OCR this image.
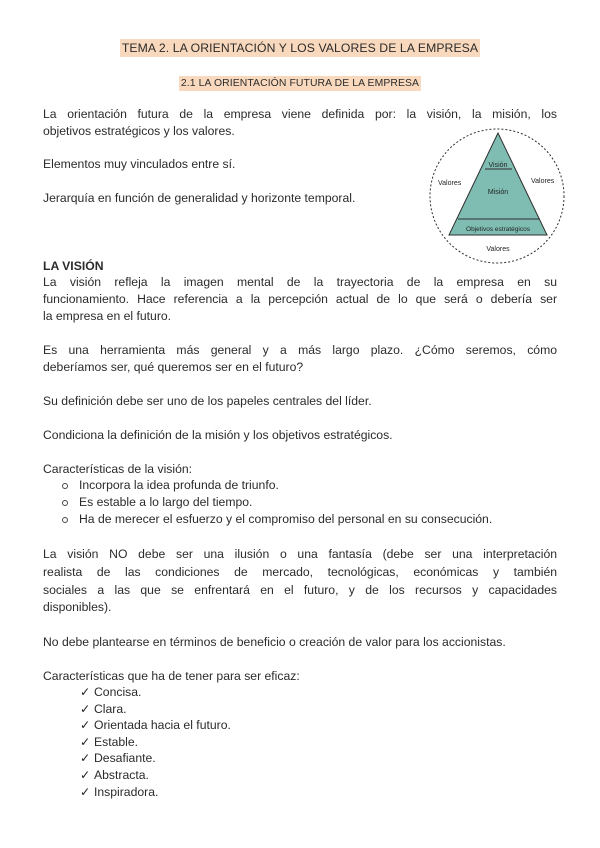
TEMA 2. LA ORIENTACIÓN Y LOS VALORES DE LA EMPRESA
2.1 LA ORIENTACIÓN FUTURA DE LA EMPRESA

La orientación futura de la empresa viene definida por: la visión, la misión, los

objetivos estratégicos y los valores.

Elementos muy vinculados entre sí.

Jerarquía en función de generalidad y horizonte temporal.

Visión
Misión
Objetivos estratégicos
Valores	Valores
Valores
LA VISIÓN

La visión refleja la imagen mental de la trayectoria de la empresa en su

funcionamiento. Hace referencia a la percepción actual de lo que será o debería ser

la empresa en el futuro.

Es una herramienta más general y a más largo plazo. ¿Cómo seremos, cómo

deberíamos ser, qué queremos ser en el futuro?

Su definición debe ser uno de los papeles centrales del líder.

Condiciona la definición de la misión y los objetivos estratégicos.

Características de la visión:

Incorpora la idea profunda de triunfo.
Es estable a lo largo del tiempo.
Ha de merecer el esfuerzo y el compromiso del personal en su consecución.

La visión NO debe ser una ilusión o una fantasía (debe ser una interpretación

realista de las condiciones de mercado, tecnológicas, económicas y también

sociales a las que se enfrentará en el futuro, y de los recursos y capacidades

disponibles).

No debe plantearse en términos de beneficio o creación de valor para los accionistas.

Características que ha de tener para ser eficaz:

✓ Concisa.
✓ Clara.
✓ Orientada hacia el futuro.
✓ Estable.
✓ Desafiante.
✓ Abstracta.
✓ Inspiradora.
